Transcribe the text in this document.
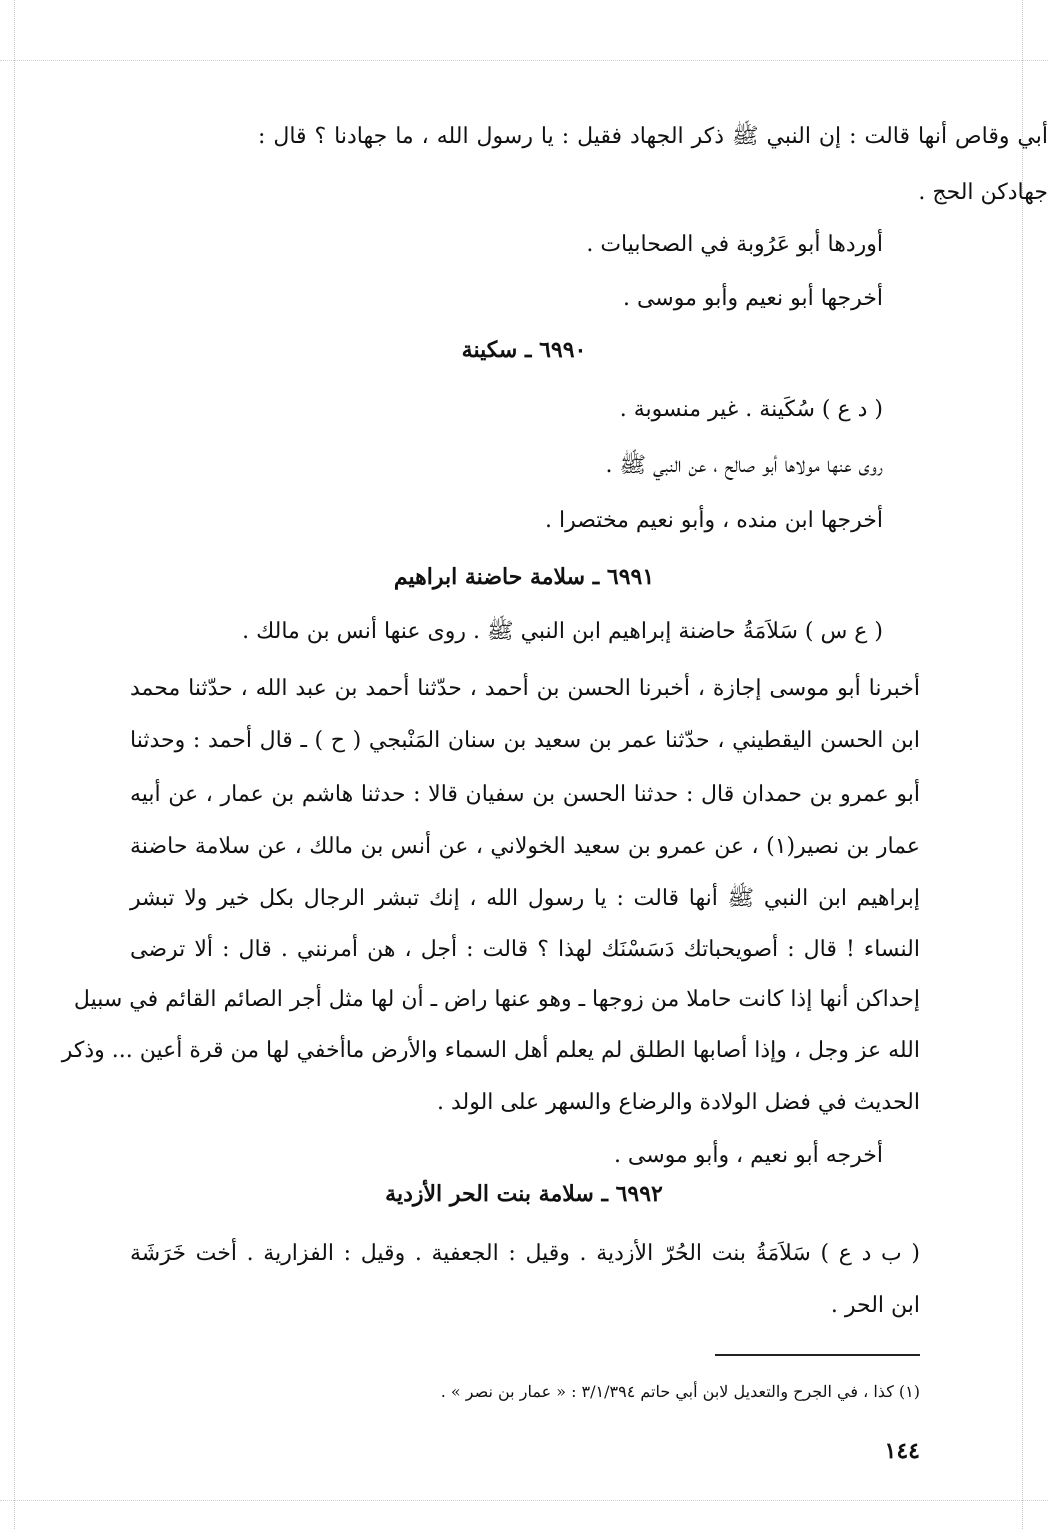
أبي وقاص أنها قالت : إن النبي ﷺ ذكر الجهاد فقيل : يا رسول الله ، ما جهادنا ؟ قال :
جهادكن الحج .
أوردها أبو عَرُوبة في الصحابيات .
أخرجها أبو نعيم وأبو موسى .
٦٩٩٠ ـ سكينة
( د ع ) سُكَينة . غير منسوبة .
روى عنها مولاها أبو صالح ، عن النبي ﷺ .
أخرجها ابن منده ، وأبو نعيم مختصرا .
٦٩٩١ ـ سلامة حاضنة ابراهيم
( ع س ) سَلاَمَةُ حاضنة إبراهيم ابن النبي ﷺ . روى عنها أنس بن مالك .
أخبرنا أبو موسى إجازة ، أخبرنا الحسن بن أحمد ، حدّثنا أحمد بن عبد الله ، حدّثنا محمد
ابن الحسن اليقطيني ، حدّثنا عمر بن سعيد بن سنان المَنْبجي ( ح ) ـ قال أحمد : وحدثنا
أبو عمرو بن حمدان قال : حدثنا الحسن بن سفيان قالا : حدثنا هاشم بن عمار ، عن أبيه
عمار بن نصير(١) ، عن عمرو بن سعيد الخولاني ، عن أنس بن مالك ، عن سلامة حاضنة
إبراهيم ابن النبي ﷺ أنها قالت : يا رسول الله ، إنك تبشر الرجال بكل خير ولا تبشر
النساء ! قال : أصويحباتك دَسَسْنَك لهذا ؟ قالت : أجل ، هن أمرنني . قال : ألا ترضى
إحداكن أنها إذا كانت حاملا من زوجها ـ وهو عنها راض ـ أن لها مثل أجر الصائم القائم في سبيل
الله عز وجل ، وإذا أصابها الطلق لم يعلم أهل السماء والأرض ماأخفي لها من قرة أعين ... وذكر
الحديث في فضل الولادة والرضاع والسهر على الولد .
أخرجه أبو نعيم ، وأبو موسى .
٦٩٩٢ ـ سلامة بنت الحر الأزدية
( ب د ع ) سَلاَمَةُ بنت الحُرّ الأزدية . وقيل : الجعفية . وقيل : الفزارية . أخت خَرَشَة
ابن الحر .
(١) كذا ، في الجرح والتعديل لابن أبي حاتم ٣/١/٣٩٤ : « عمار بن نصر » .
١٤٤
